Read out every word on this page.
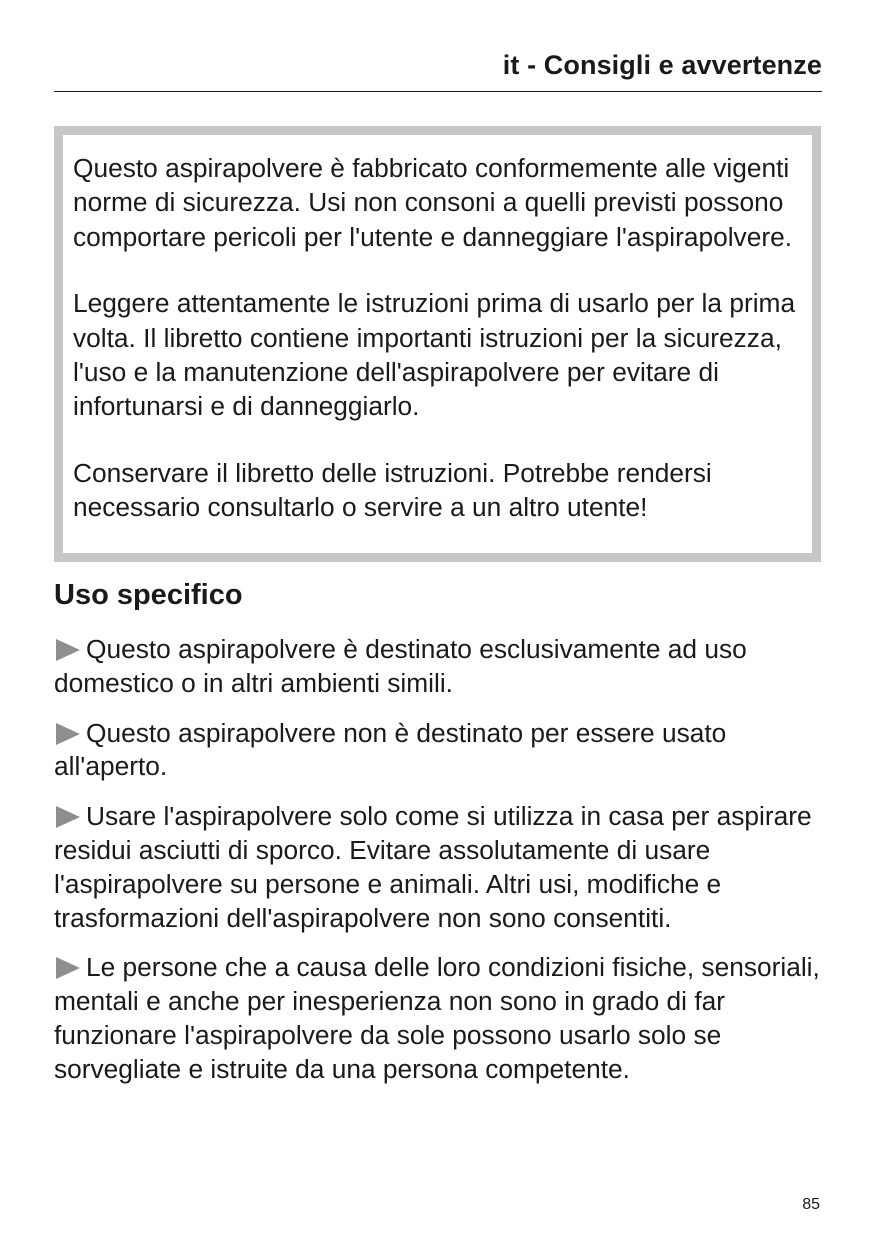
it - Consigli e avvertenze

Questo aspirapolvere è fabbricato conformemente alle vigenti norme di sicurezza. Usi non consoni a quelli previsti possono comportare pericoli per l'utente e danneggiare l'aspirapolvere.

Leggere attentamente le istruzioni prima di usarlo per la prima volta. Il libretto contiene importanti istruzioni per la sicurezza, l'uso e la manutenzione dell'aspirapolvere per evitare di infortunarsi e di danneggiarlo.

Conservare il libretto delle istruzioni. Potrebbe rendersi necessario consultarlo o servire a un altro utente!

Uso specifico

Questo aspirapolvere è destinato esclusivamente ad uso domestico o in altri ambienti simili.

Questo aspirapolvere non è destinato per essere usato all'aperto.

Usare l'aspirapolvere solo come si utilizza in casa per aspirare residui asciutti di sporco. Evitare assolutamente di usare l'aspirapolvere su persone e animali. Altri usi, modifiche e trasformazioni dell'aspirapolvere non sono consentiti.

Le persone che a causa delle loro condizioni fisiche, sensoriali, mentali e anche per inesperienza non sono in grado di far funzionare l'aspirapolvere da sole possono usarlo solo se sorvegliate e istruite da una persona competente.

85
